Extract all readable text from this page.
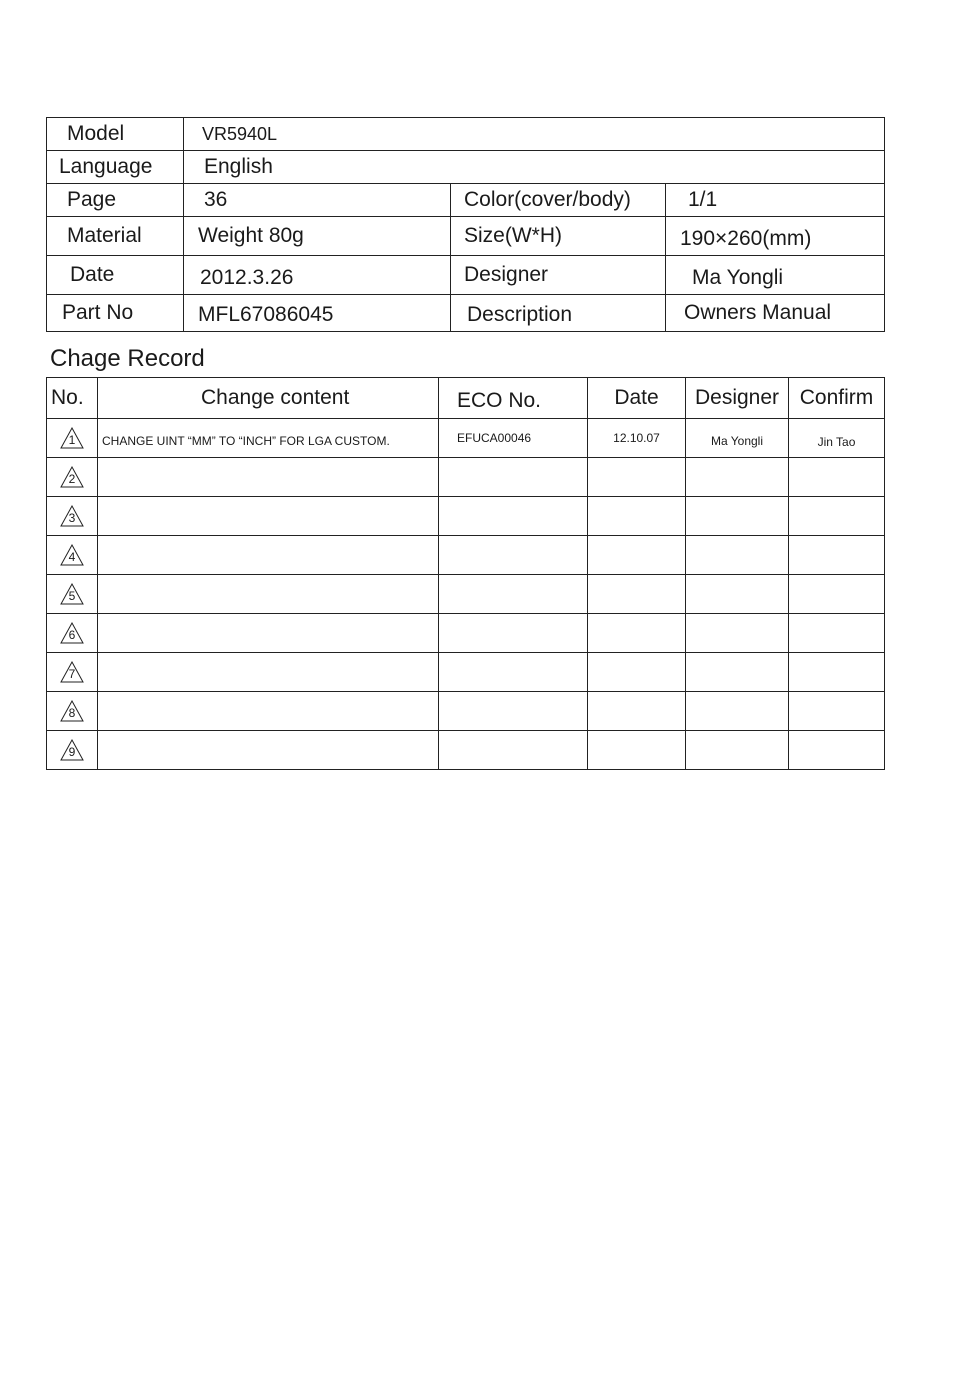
Model	VR5940L		
Language	English		
Page	36	Color(cover/body)	1/1
Material	Weight 80g	Size(W*H)	190×260(mm)
Date	2012.3.26	Designer	Ma Yongli
Part No	MFL67086045	Description	Owners Manual
Chage Record
No.	Change content	ECO No.	Date	Designer	Confirm

1	CHANGE UINT “MM” TO “INCH” FOR LGA CUSTOM.	EFUCA00046	12.10.07	Ma Yongli	Jin Tao

2					

3					

4					

5					

6					

7					

8					

9					
